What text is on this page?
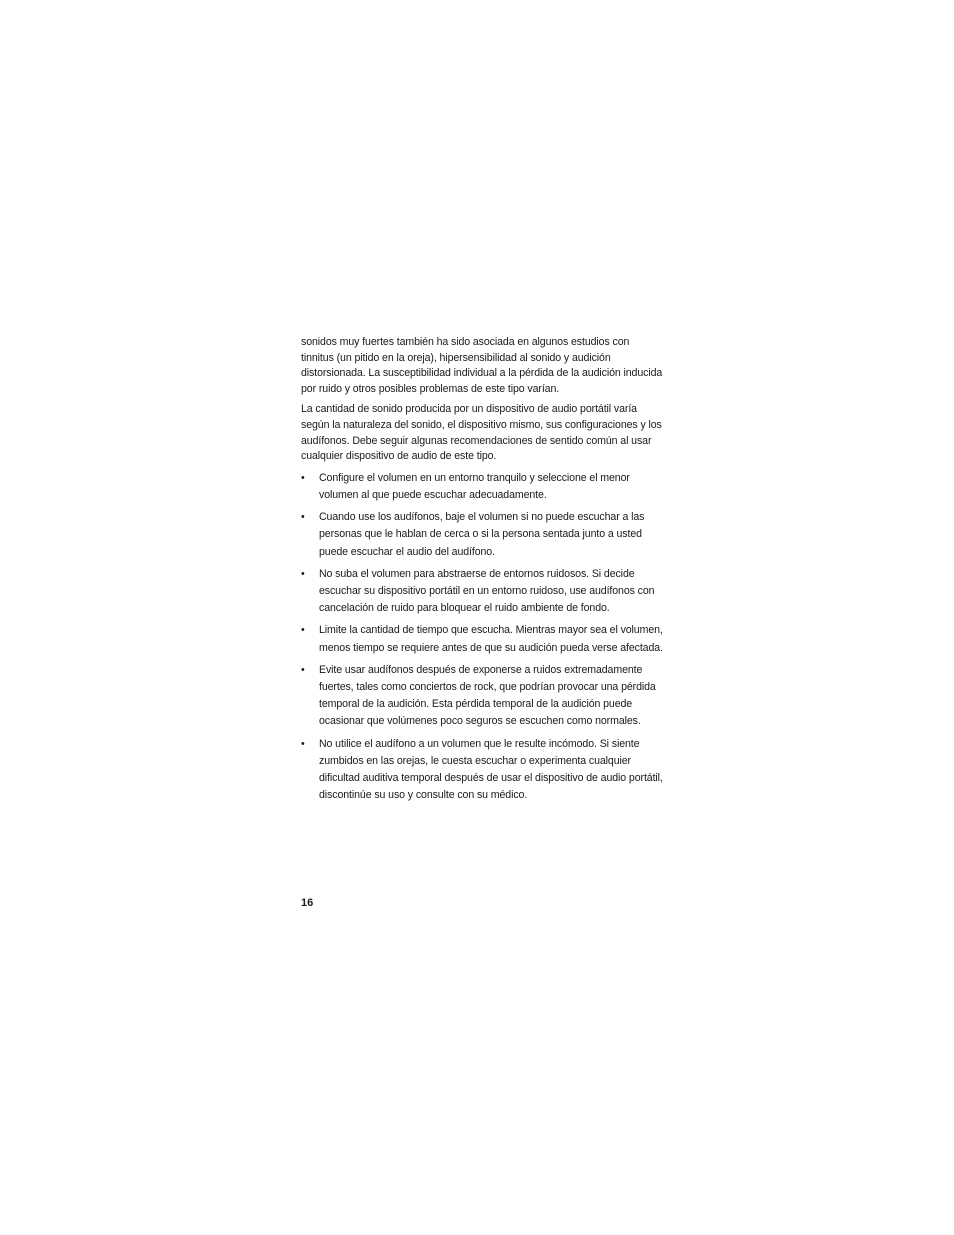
sonidos muy fuertes también ha sido asociada en algunos estudios con tinnitus (un pitido en la oreja), hipersensibilidad al sonido y audición distorsionada. La susceptibilidad individual a la pérdida de la audición inducida por ruido y otros posibles problemas de este tipo varían.

La cantidad de sonido producida por un dispositivo de audio portátil varía según la naturaleza del sonido, el dispositivo mismo, sus configuraciones y los audífonos. Debe seguir algunas recomendaciones de sentido común al usar cualquier dispositivo de audio de este tipo.

•	Configure el volumen en un entorno tranquilo y seleccione el menor volumen al que puede escuchar adecuadamente.
•	Cuando use los audífonos, baje el volumen si no puede escuchar a las personas que le hablan de cerca o si la persona sentada junto a usted puede escuchar el audio del audífono.
•	No suba el volumen para abstraerse de entornos ruidosos. Si decide escuchar su dispositivo portátil en un entorno ruidoso, use audífonos con cancelación de ruido para bloquear el ruido ambiente de fondo.
•	Limite la cantidad de tiempo que escucha. Mientras mayor sea el volumen, menos tiempo se requiere antes de que su audición pueda verse afectada.
•	Evite usar audífonos después de exponerse a ruidos extremadamente fuertes, tales como conciertos de rock, que podrían provocar una pérdida temporal de la audición. Esta pérdida temporal de la audición puede ocasionar que volúmenes poco seguros se escuchen como normales.
•	No utilice el audífono a un volumen que le resulte incómodo. Si siente zumbidos en las orejas, le cuesta escuchar o experimenta cualquier dificultad auditiva temporal después de usar el dispositivo de audio portátil, discontinúe su uso y consulte con su médico.
16
